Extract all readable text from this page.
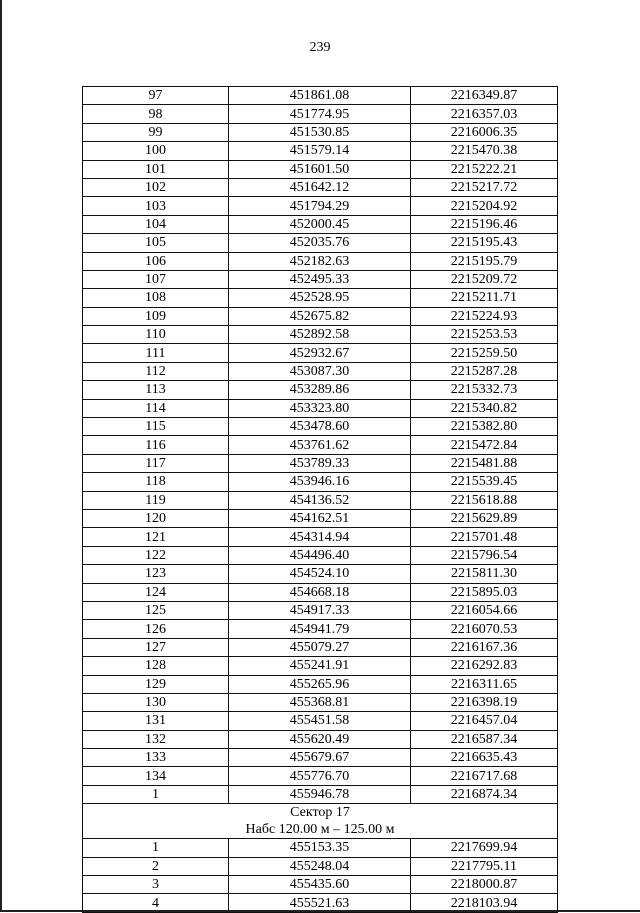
239
97	451861.08	2216349.87
98	451774.95	2216357.03
99	451530.85	2216006.35
100	451579.14	2215470.38
101	451601.50	2215222.21
102	451642.12	2215217.72
103	451794.29	2215204.92
104	452000.45	2215196.46
105	452035.76	2215195.43
106	452182.63	2215195.79
107	452495.33	2215209.72
108	452528.95	2215211.71
109	452675.82	2215224.93
110	452892.58	2215253.53
111	452932.67	2215259.50
112	453087.30	2215287.28
113	453289.86	2215332.73
114	453323.80	2215340.82
115	453478.60	2215382.80
116	453761.62	2215472.84
117	453789.33	2215481.88
118	453946.16	2215539.45
119	454136.52	2215618.88
120	454162.51	2215629.89
121	454314.94	2215701.48
122	454496.40	2215796.54
123	454524.10	2215811.30
124	454668.18	2215895.03
125	454917.33	2216054.66
126	454941.79	2216070.53
127	455079.27	2216167.36
128	455241.91	2216292.83
129	455265.96	2216311.65
130	455368.81	2216398.19
131	455451.58	2216457.04
132	455620.49	2216587.34
133	455679.67	2216635.43
134	455776.70	2216717.68
1	455946.78	2216874.34

Сектор 17
Набс 120.00 м – 125.00 м		

1	455153.35	2217699.94
2	455248.04	2217795.11
3	455435.60	2218000.87
4	455521.63	2218103.94
